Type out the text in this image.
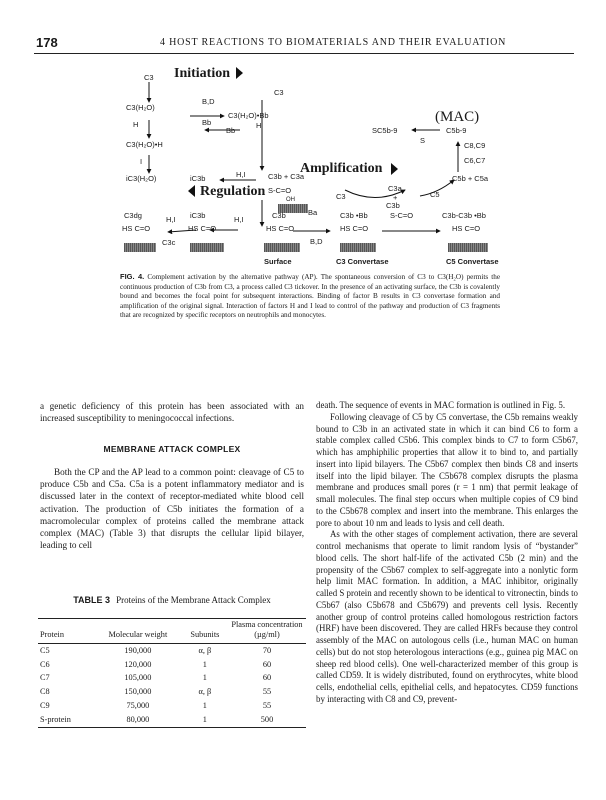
178	4 HOST REACTIONS TO BIOMATERIALS AND THEIR EVALUATION
Initiation
Regulation
Amplification
(MAC)
C3
C3(H₂O)
B,D
C3(H₂O)•Bb
H	Bb
Bb
H
C3(H₂O)•H
I
iC3(H₂O)	iC3b	H,I
C3
C3b + C3a
S-C=O
OH
SC5b-9	C5b-9
S
C8,C9
C6,C7
C5b + C5a
C3a
C3	+
C3b
C5
C3dg
HS C=O
H,I iC3b
HS C=O
H,I	C3b
HS C=O
Ba
B,D
C3b •Bb
HS C=O
S-C=O	C3b-C3b •Bb
HS C=O
C3c
Surface	C3 Convertase	C5 Convertase
FIG. 4. Complement activation by the alternative pathway (AP). The spontaneous conversion of C3 to C3(H₂O) permits the continuous production of C3b from C3, a process called C3 tickover. In the presence of an activating surface, the C3b is covalently bound and becomes the focal point for subsequent interactions. Binding of factor B results in C3 convertase formation and amplification of the original signal. Interaction of factors H and I lead to control of the pathway and production of C3 fragments that are recognized by specific receptors on neutrophils and monocytes.

a genetic deficiency of this protein has been associated with an increased susceptibility to meningococcal infections.

MEMBRANE ATTACK COMPLEX

Both the CP and the AP lead to a common point: cleavage of C5 to produce C5b and C5a. C5a is a potent inflammatory mediator and is discussed later in the context of receptor-mediated white blood cell activation. The production of C5b initiates the formation of a macromolecular complex of proteins called the membrane attack complex (MAC) (Table 3) that disrupts the cellular lipid bilayer, leading to cell

TABLE 3 Proteins of the Membrane Attack Complex
Protein	Molecular weight	Subunits	Plasma concentration (µg/ml)
C5	190,000	α, β	70
C6	120,000	1	60
C7	105,000	1	60
C8	150,000	α, β	55
C9	75,000	1	55
S-protein	80,000	1	500

death. The sequence of events in MAC formation is outlined in Fig. 5.

Following cleavage of C5 by C5 convertase, the C5b remains weakly bound to C3b in an activated state in which it can bind C6 to form a stable complex called C5b6. This complex binds to C7 to form C5b67, which has amphiphilic properties that allow it to bind to, and partially insert into lipid bilayers. The C5b67 complex then binds C8 and inserts itself into the lipid bilayer. The C5b678 complex disrupts the plasma membrane and produces small pores (r = 1 nm) that permit leakage of small molecules. The final step occurs when multiple copies of C9 bind to the C5b678 complex and insert into the membrane. This enlarges the pore to about 10 nm and leads to lysis and cell death.

As with the other stages of complement activation, there are several control mechanisms that operate to limit random lysis of “bystander” blood cells. The short half-life of the activated C5b (2 min) and the propensity of the C5b67 complex to self-aggregate into a nonlytic form help limit MAC formation. In addition, a MAC inhibitor, originally called S protein and recently shown to be identical to vitronectin, binds to C5b67 (also C5b678 and C5b679) and prevents cell lysis. Recently another group of control proteins called homologous restriction factors (HRF) have been discovered. They are called HRFs because they control assembly of the MAC on autologous cells (i.e., human MAC on human cells) but do not stop heterologous interactions (e.g., guinea pig MAC on sheep red blood cells). One well-characterized member of this group is called CD59. It is widely distributed, found on erythrocytes, white blood cells, endothelial cells, epithelial cells, and hepatocytes. CD59 functions by interacting with C8 and C9, prevent-
